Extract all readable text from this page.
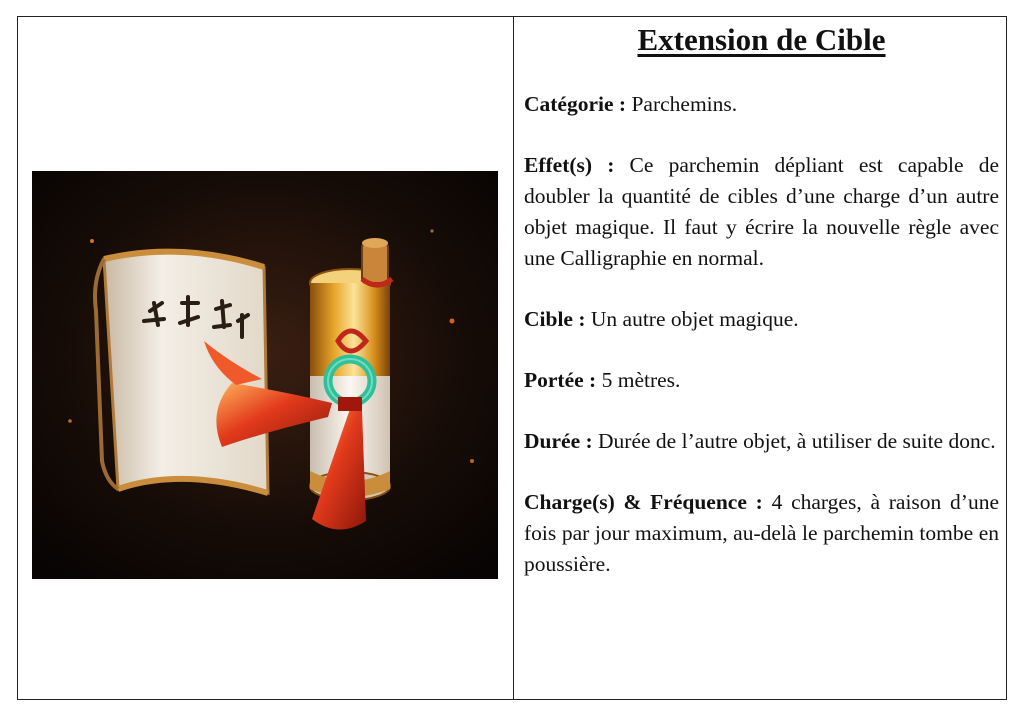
Extension de Cible

Catégorie : Parchemins.

Effet(s) : Ce parchemin dépliant est capable de doubler la quantité de cibles d’une charge d’un autre objet magique. Il faut y écrire la nouvelle règle avec une Calligraphie en normal.

Cible : Un autre objet magique.

Portée : 5 mètres.

Durée : Durée de l’autre objet, à utiliser de suite donc.

Charge(s) & Fréquence : 4 charges, à raison d’une fois par jour maximum, au-delà le parchemin tombe en poussière.
